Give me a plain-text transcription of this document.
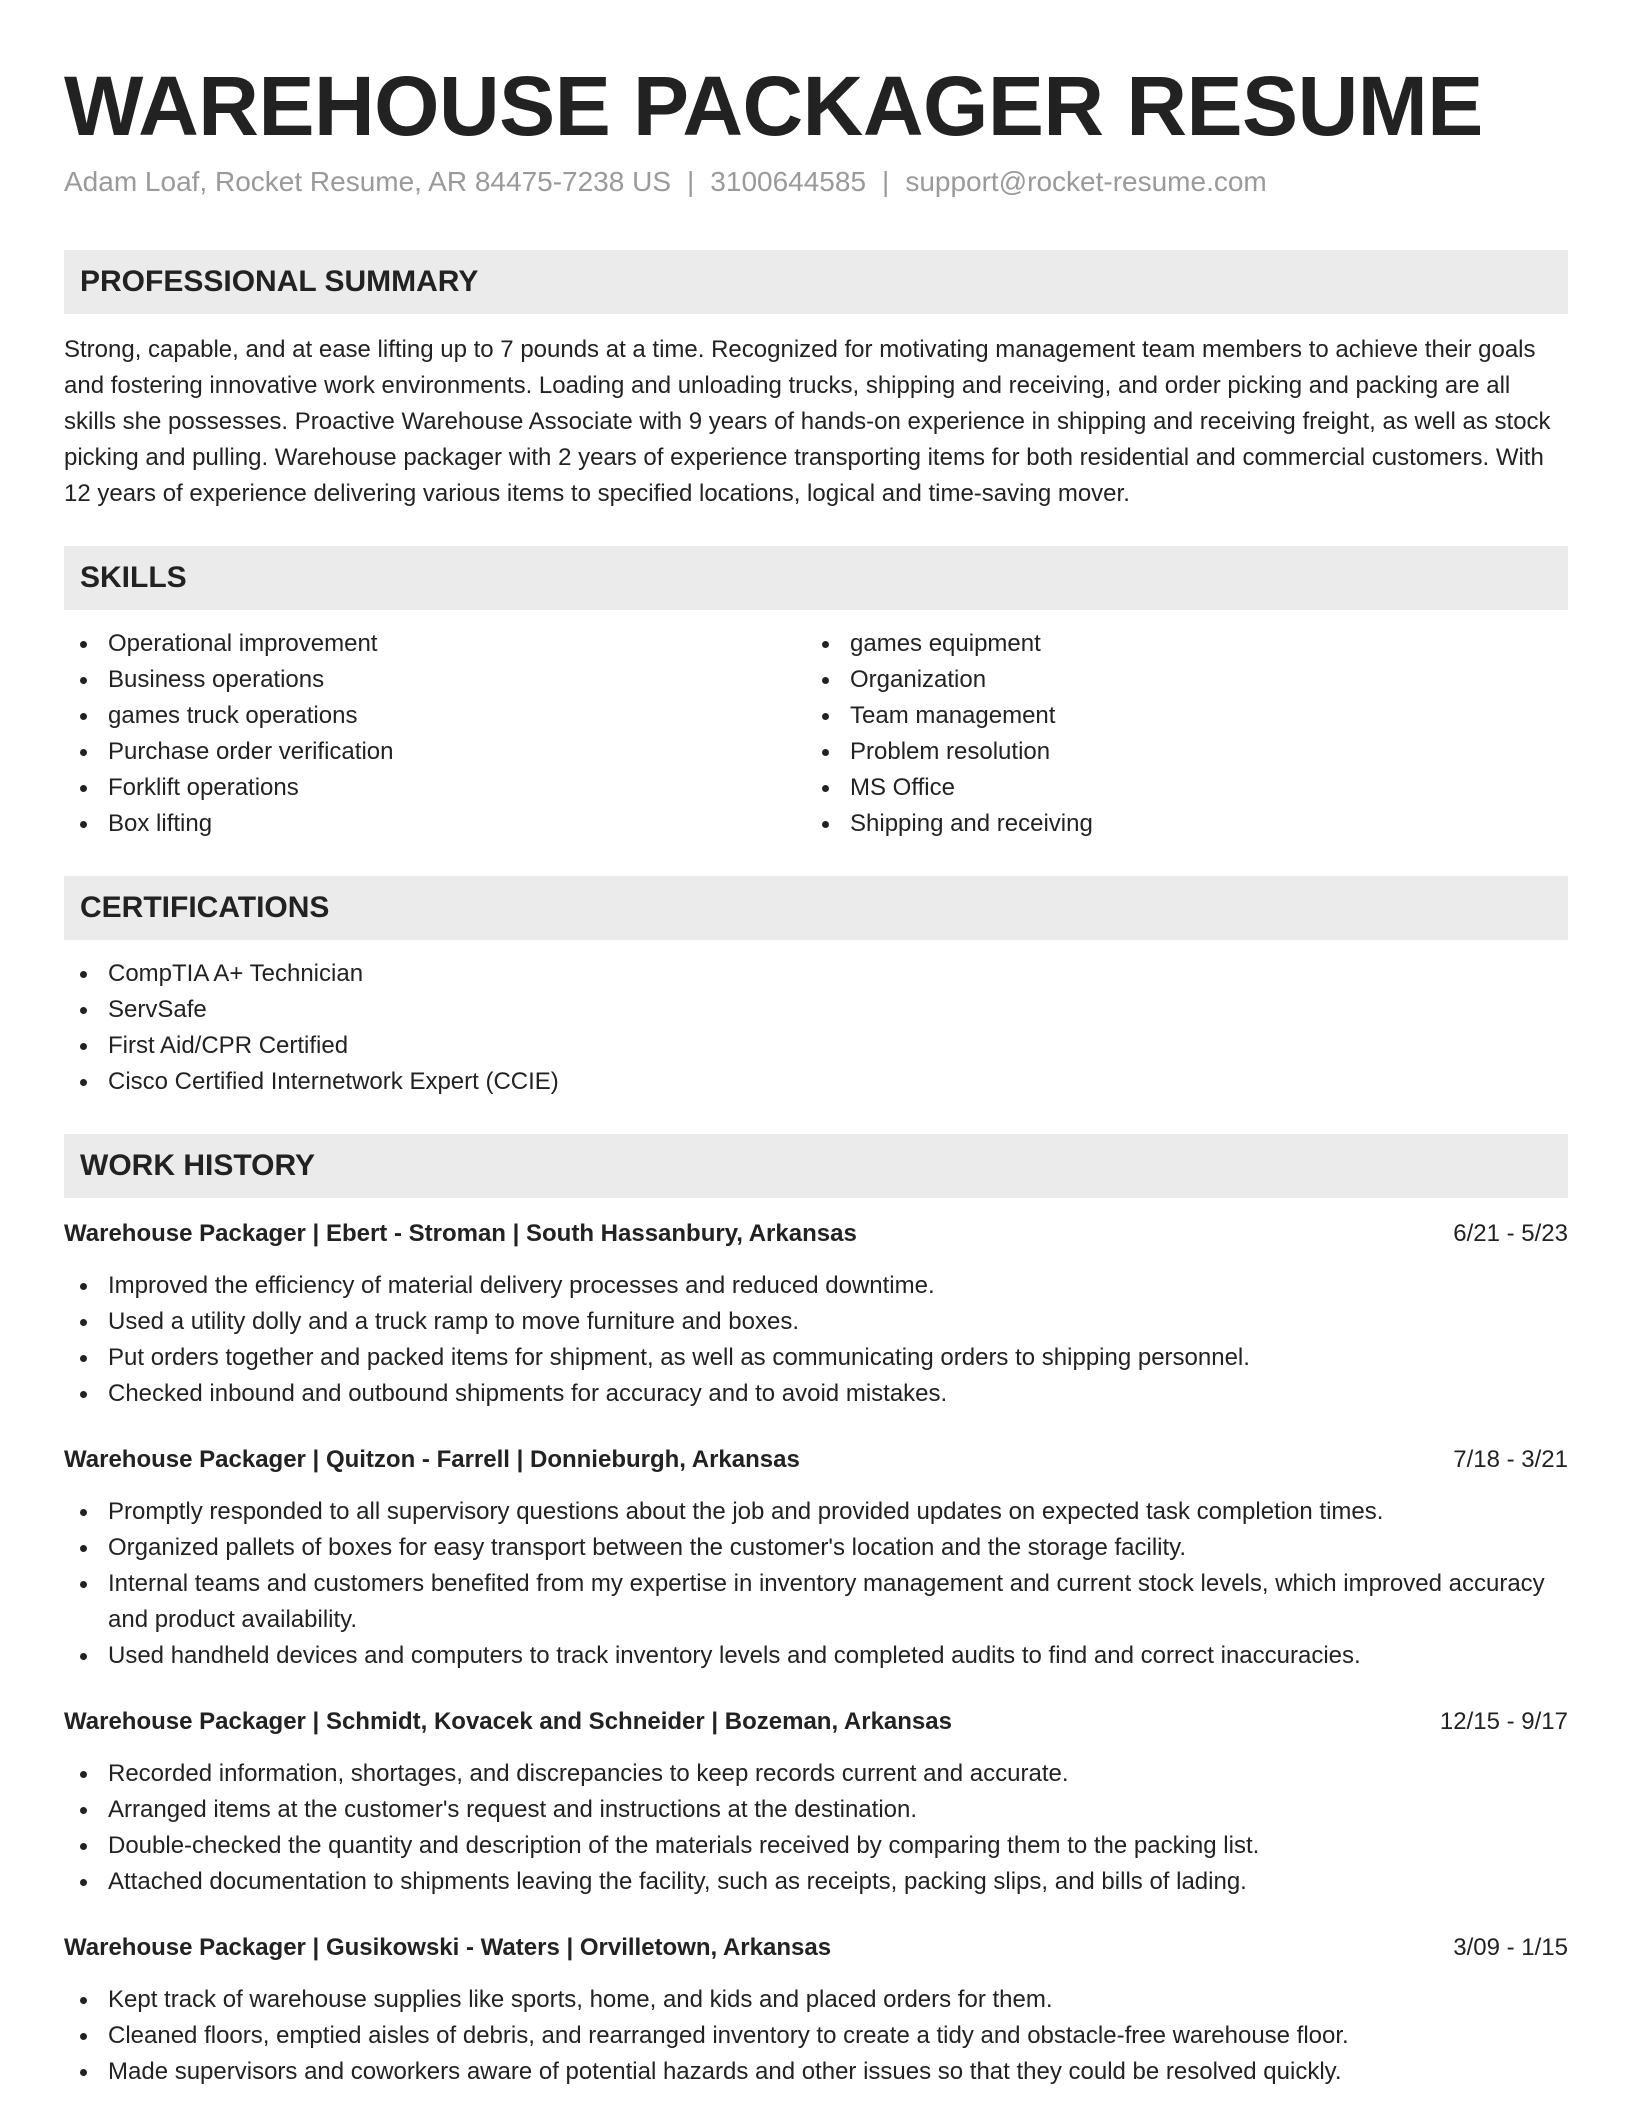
WAREHOUSE PACKAGER RESUME
Adam Loaf, Rocket Resume, AR 84475-7238 US | 3100644585 | support@rocket-resume.com
PROFESSIONAL SUMMARY

Strong, capable, and at ease lifting up to 7 pounds at a time. Recognized for motivating management team members to achieve their goals and fostering innovative work environments. Loading and unloading trucks, shipping and receiving, and order picking and packing are all skills she possesses. Proactive Warehouse Associate with 9 years of hands-on experience in shipping and receiving freight, as well as stock picking and pulling. Warehouse packager with 2 years of experience transporting items for both residential and commercial customers. With 12 years of experience delivering various items to specified locations, logical and time-saving mover.

SKILLS
Operational improvement
Business operations
games truck operations
Purchase order verification
Forklift operations
Box lifting
games equipment
Organization
Team management
Problem resolution
MS Office
Shipping and receiving
CERTIFICATIONS
CompTIA A+ Technician
ServSafe
First Aid/CPR Certified
Cisco Certified Internetwork Expert (CCIE)
WORK HISTORY
Warehouse Packager | Ebert - Stroman | South Hassanbury, Arkansas	6/21 - 5/23
Improved the efficiency of material delivery processes and reduced downtime.
Used a utility dolly and a truck ramp to move furniture and boxes.
Put orders together and packed items for shipment, as well as communicating orders to shipping personnel.
Checked inbound and outbound shipments for accuracy and to avoid mistakes.
Warehouse Packager | Quitzon - Farrell | Donnieburgh, Arkansas	7/18 - 3/21
Promptly responded to all supervisory questions about the job and provided updates on expected task completion times.
Organized pallets of boxes for easy transport between the customer's location and the storage facility.
Internal teams and customers benefited from my expertise in inventory management and current stock levels, which improved accuracy and product availability.
Used handheld devices and computers to track inventory levels and completed audits to find and correct inaccuracies.
Warehouse Packager | Schmidt, Kovacek and Schneider | Bozeman, Arkansas	12/15 - 9/17
Recorded information, shortages, and discrepancies to keep records current and accurate.
Arranged items at the customer's request and instructions at the destination.
Double-checked the quantity and description of the materials received by comparing them to the packing list.
Attached documentation to shipments leaving the facility, such as receipts, packing slips, and bills of lading.
Warehouse Packager | Gusikowski - Waters | Orvilletown, Arkansas	3/09 - 1/15
Kept track of warehouse supplies like sports, home, and kids and placed orders for them.
Cleaned floors, emptied aisles of debris, and rearranged inventory to create a tidy and obstacle-free warehouse floor.
Made supervisors and coworkers aware of potential hazards and other issues so that they could be resolved quickly.
